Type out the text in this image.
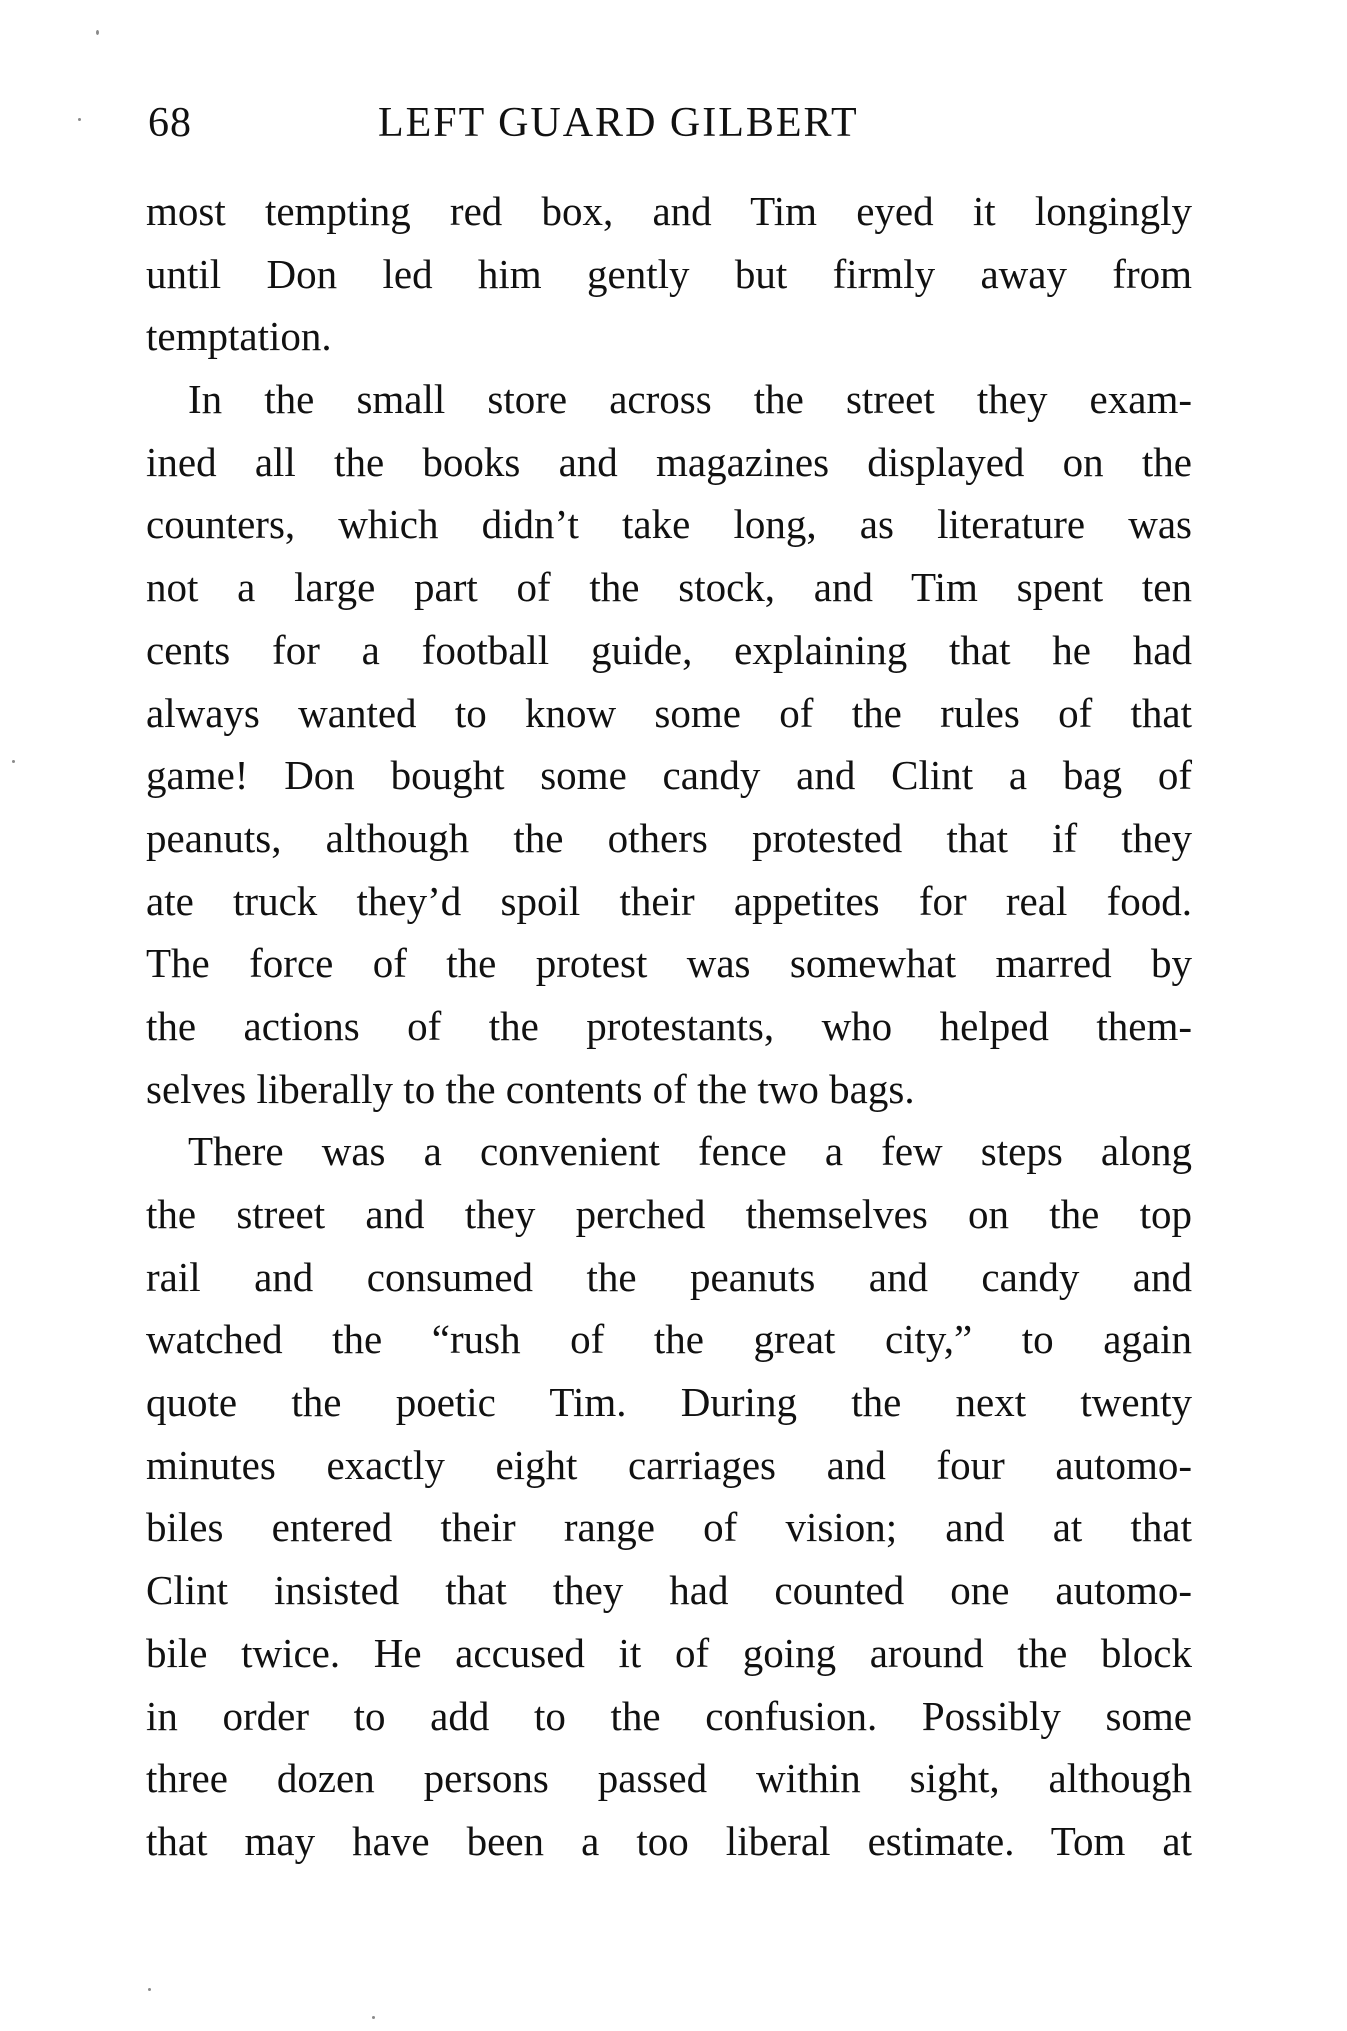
68	LEFT GUARD GILBERT
most tempting red box, and Tim eyed it longingly
until Don led him gently but firmly away from
temptation.
In the small store across the street they exam-
ined all the books and magazines displayed on the
counters, which didn’t take long, as literature was
not a large part of the stock, and Tim spent ten
cents for a football guide, explaining that he had
always wanted to know some of the rules of that
game! Don bought some candy and Clint a bag of
peanuts, although the others protested that if they
ate truck they’d spoil their appetites for real food.
The force of the protest was somewhat marred by
the actions of the protestants, who helped them-
selves liberally to the contents of the two bags.
There was a convenient fence a few steps along
the street and they perched themselves on the top
rail and consumed the peanuts and candy and
watched the “rush of the great city,” to again
quote the poetic Tim. During the next twenty
minutes exactly eight carriages and four automo-
biles entered their range of vision; and at that
Clint insisted that they had counted one automo-
bile twice. He accused it of going around the block
in order to add to the confusion. Possibly some
three dozen persons passed within sight, although
that may have been a too liberal estimate. Tom at
